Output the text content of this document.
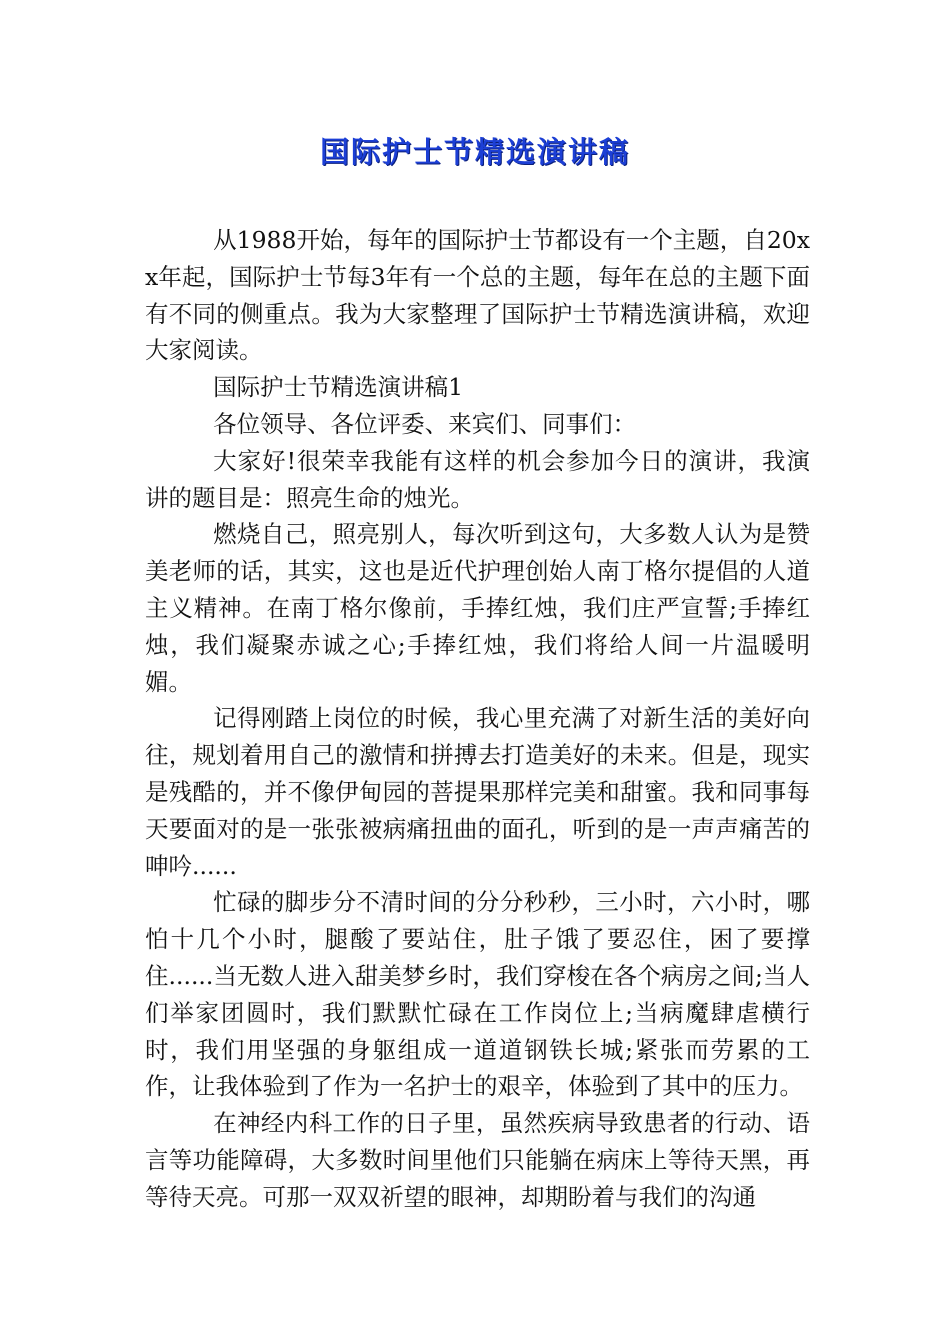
国际护士节精选演讲稿

从1988开始，每年的国际护士节都设有一个主题，自20xx年起，国际护士节每3年有一个总的主题，每年在总的主题下面有不同的侧重点。我为大家整理了国际护士节精选演讲稿，欢迎大家阅读。

国际护士节精选演讲稿1

各位领导、各位评委、来宾们、同事们：

大家好!很荣幸我能有这样的机会参加今日的演讲，我演讲的题目是：照亮生命的烛光。

燃烧自己，照亮别人，每次听到这句，大多数人认为是赞美老师的话，其实，这也是近代护理创始人南丁格尔提倡的人道主义精神。在南丁格尔像前，手捧红烛，我们庄严宣誓;手捧红烛，我们凝聚赤诚之心;手捧红烛，我们将给人间一片温暖明媚。

记得刚踏上岗位的时候，我心里充满了对新生活的美好向往，规划着用自己的激情和拼搏去打造美好的未来。但是，现实是残酷的，并不像伊甸园的菩提果那样完美和甜蜜。我和同事每天要面对的是一张张被病痛扭曲的面孔，听到的是一声声痛苦的呻吟......

忙碌的脚步分不清时间的分分秒秒，三小时，六小时，哪怕十几个小时，腿酸了要站住，肚子饿了要忍住，困了要撑住......当无数人进入甜美梦乡时，我们穿梭在各个病房之间;当人们举家团圆时，我们默默忙碌在工作岗位上;当病魔肆虐横行时，我们用坚强的身躯组成一道道钢铁长城;紧张而劳累的工作，让我体验到了作为一名护士的艰辛，体验到了其中的压力。

在神经内科工作的日子里，虽然疾病导致患者的行动、语言等功能障碍，大多数时间里他们只能躺在病床上等待天黑，再等待天亮。可那一双双祈望的眼神，却期盼着与我们的沟通
